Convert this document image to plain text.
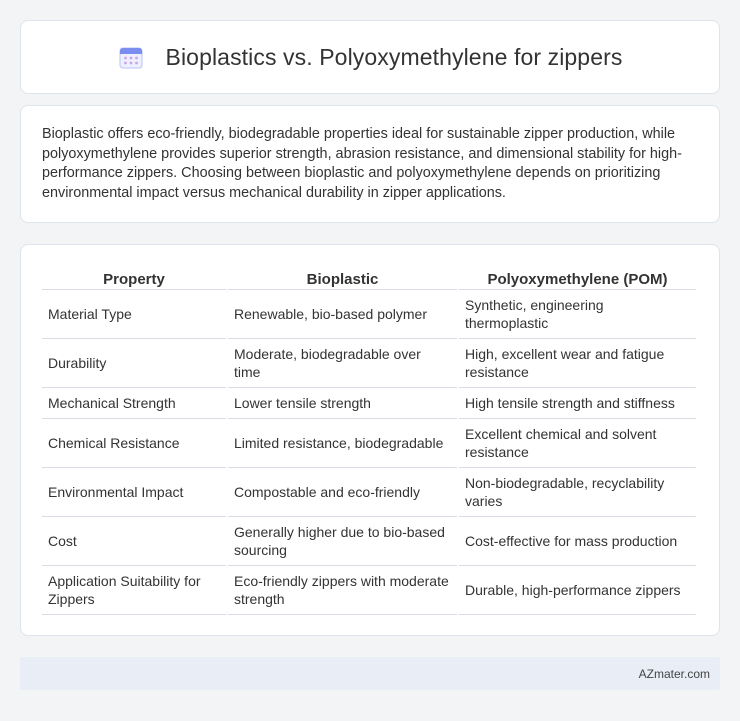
Bioplastics vs. Polyoxymethylene for zippers

Bioplastic offers eco-friendly, biodegradable properties ideal for sustainable zipper production, while polyoxymethylene provides superior strength, abrasion resistance, and dimensional stability for high-performance zippers. Choosing between bioplastic and polyoxymethylene depends on prioritizing environmental impact versus mechanical durability in zipper applications.

Property	Bioplastic	Polyoxymethylene (POM)
Material Type	Renewable, bio-based polymer	Synthetic, engineering thermoplastic
Durability	Moderate, biodegradable over time	High, excellent wear and fatigue resistance
Mechanical Strength	Lower tensile strength	High tensile strength and stiffness
Chemical Resistance	Limited resistance, biodegradable	Excellent chemical and solvent resistance
Environmental Impact	Compostable and eco-friendly	Non-biodegradable, recyclability varies
Cost	Generally higher due to bio-based sourcing	Cost-effective for mass production
Application Suitability for Zippers	Eco-friendly zippers with moderate strength	Durable, high-performance zippers
AZmater.com
